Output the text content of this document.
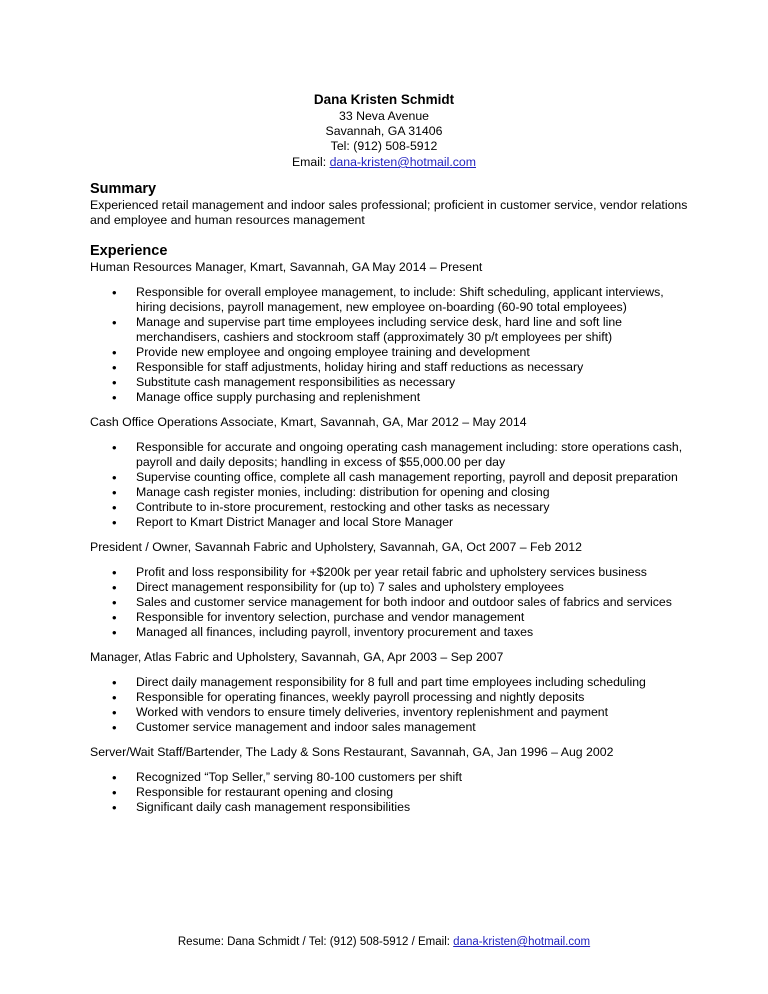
Dana Kristen Schmidt
33 Neva Avenue
Savannah, GA 31406
Tel: (912) 508-5912
Email: dana-kristen@hotmail.com
Summary

Experienced retail management and indoor sales professional; proficient in customer service, vendor relations and employee and human resources management

Experience

Human Resources Manager, Kmart, Savannah, GA May 2014 – Present

• Responsible for overall employee management, to include: Shift scheduling, applicant interviews, hiring decisions, payroll management, new employee on-boarding (60-90 total employees)
• Manage and supervise part time employees including service desk, hard line and soft line merchandisers, cashiers and stockroom staff (approximately 30 p/t employees per shift)
• Provide new employee and ongoing employee training and development
• Responsible for staff adjustments, holiday hiring and staff reductions as necessary
• Substitute cash management responsibilities as necessary
• Manage office supply purchasing and replenishment

Cash Office Operations Associate, Kmart, Savannah, GA, Mar 2012 – May 2014

• Responsible for accurate and ongoing operating cash management including: store operations cash, payroll and daily deposits; handling in excess of $55,000.00 per day
• Supervise counting office, complete all cash management reporting, payroll and deposit preparation
• Manage cash register monies, including: distribution for opening and closing
• Contribute to in-store procurement, restocking and other tasks as necessary
• Report to Kmart District Manager and local Store Manager

President / Owner, Savannah Fabric and Upholstery, Savannah, GA, Oct 2007 – Feb 2012

• Profit and loss responsibility for +$200k per year retail fabric and upholstery services business
• Direct management responsibility for (up to) 7 sales and upholstery employees
• Sales and customer service management for both indoor and outdoor sales of fabrics and services
• Responsible for inventory selection, purchase and vendor management
• Managed all finances, including payroll, inventory procurement and taxes

Manager, Atlas Fabric and Upholstery, Savannah, GA, Apr 2003 – Sep 2007

• Direct daily management responsibility for 8 full and part time employees including scheduling
• Responsible for operating finances, weekly payroll processing and nightly deposits
• Worked with vendors to ensure timely deliveries, inventory replenishment and payment
• Customer service management and indoor sales management

Server/Wait Staff/Bartender, The Lady & Sons Restaurant, Savannah, GA, Jan 1996 – Aug 2002

• Recognized “Top Seller,” serving 80-100 customers per shift
• Responsible for restaurant opening and closing
• Significant daily cash management responsibilities
Resume: Dana Schmidt / Tel: (912) 508-5912 / Email: dana-kristen@hotmail.com
